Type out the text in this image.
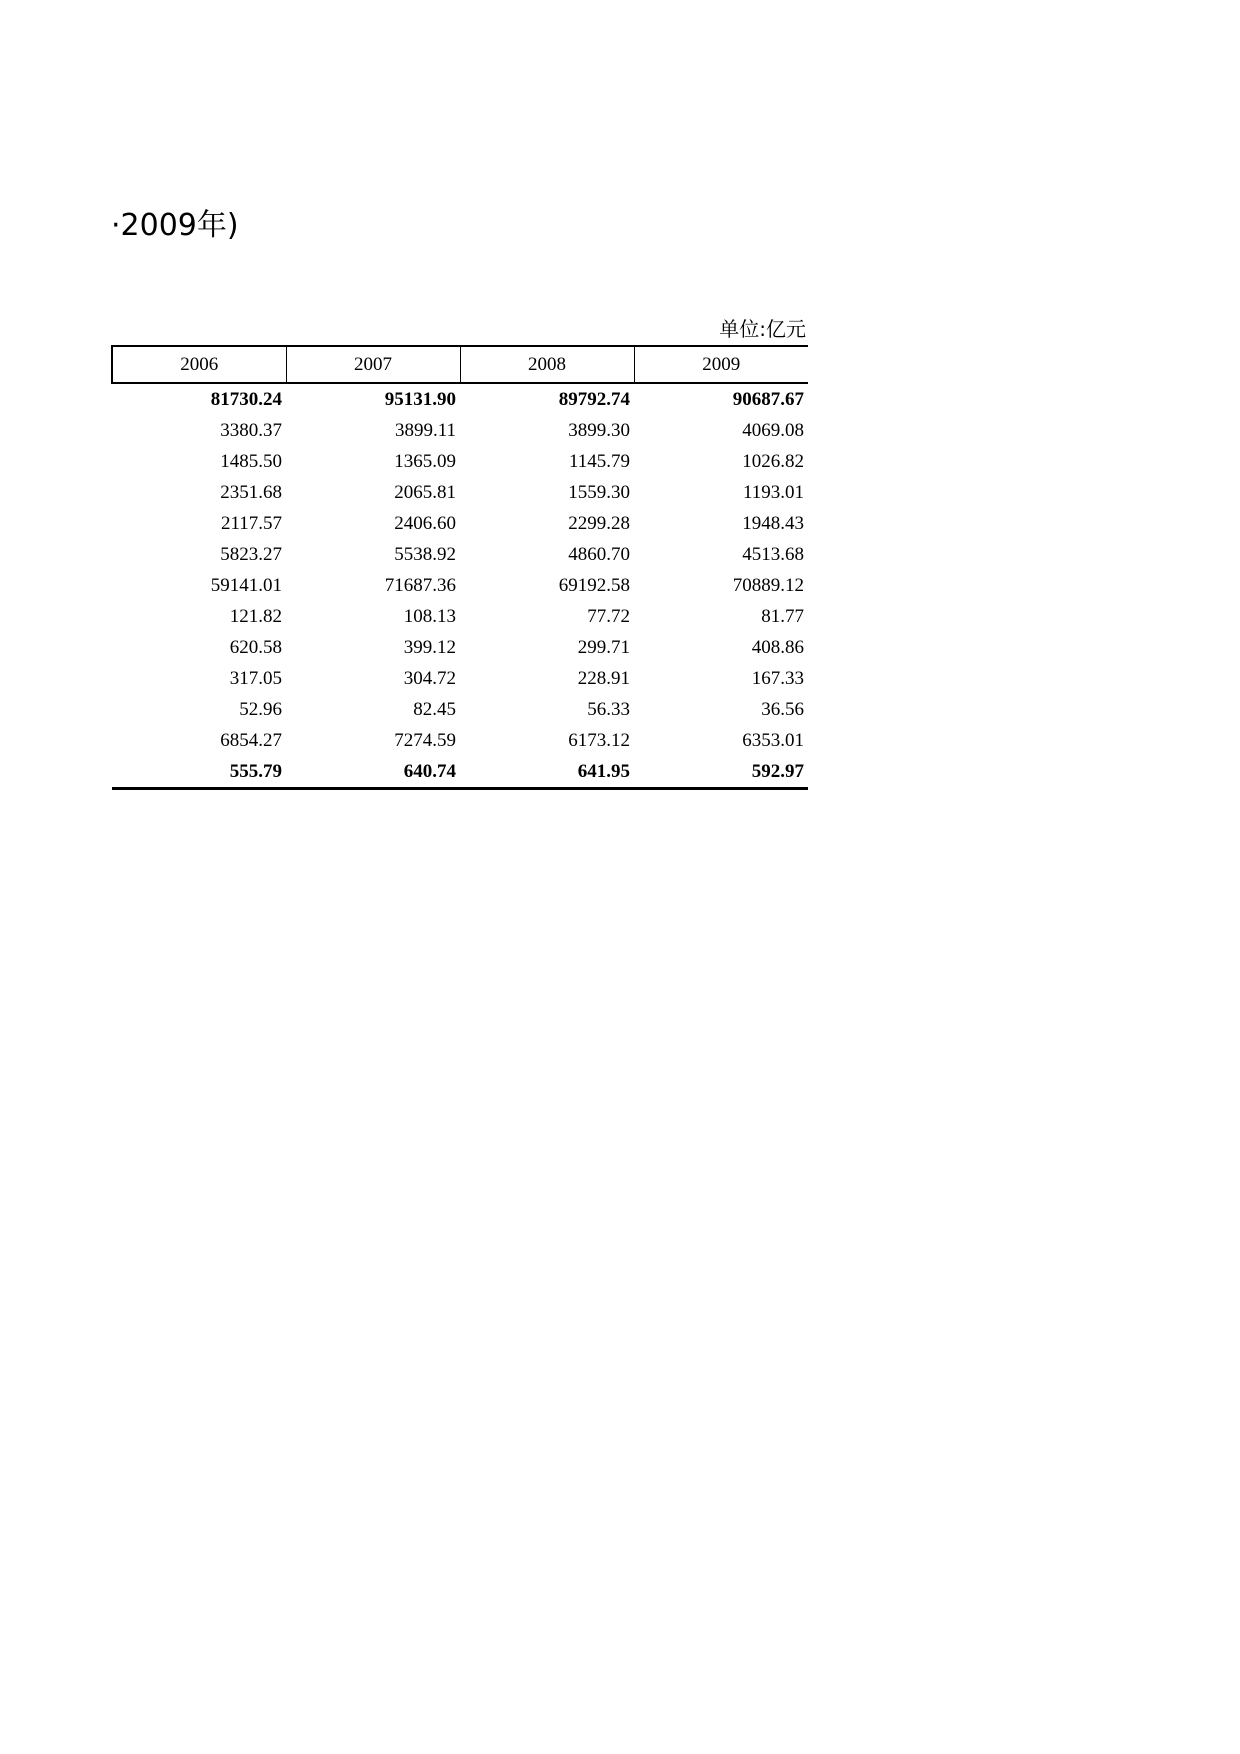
·2009年)
单位:亿元
2006	2007	2008	2009
81730.24	95131.90	89792.74	90687.67
3380.37	3899.11	3899.30	4069.08
1485.50	1365.09	1145.79	1026.82
2351.68	2065.81	1559.30	1193.01
2117.57	2406.60	2299.28	1948.43
5823.27	5538.92	4860.70	4513.68
59141.01	71687.36	69192.58	70889.12
121.82	108.13	77.72	81.77
620.58	399.12	299.71	408.86
317.05	304.72	228.91	167.33
52.96	82.45	56.33	36.56
6854.27	7274.59	6173.12	6353.01
555.79	640.74	641.95	592.97
